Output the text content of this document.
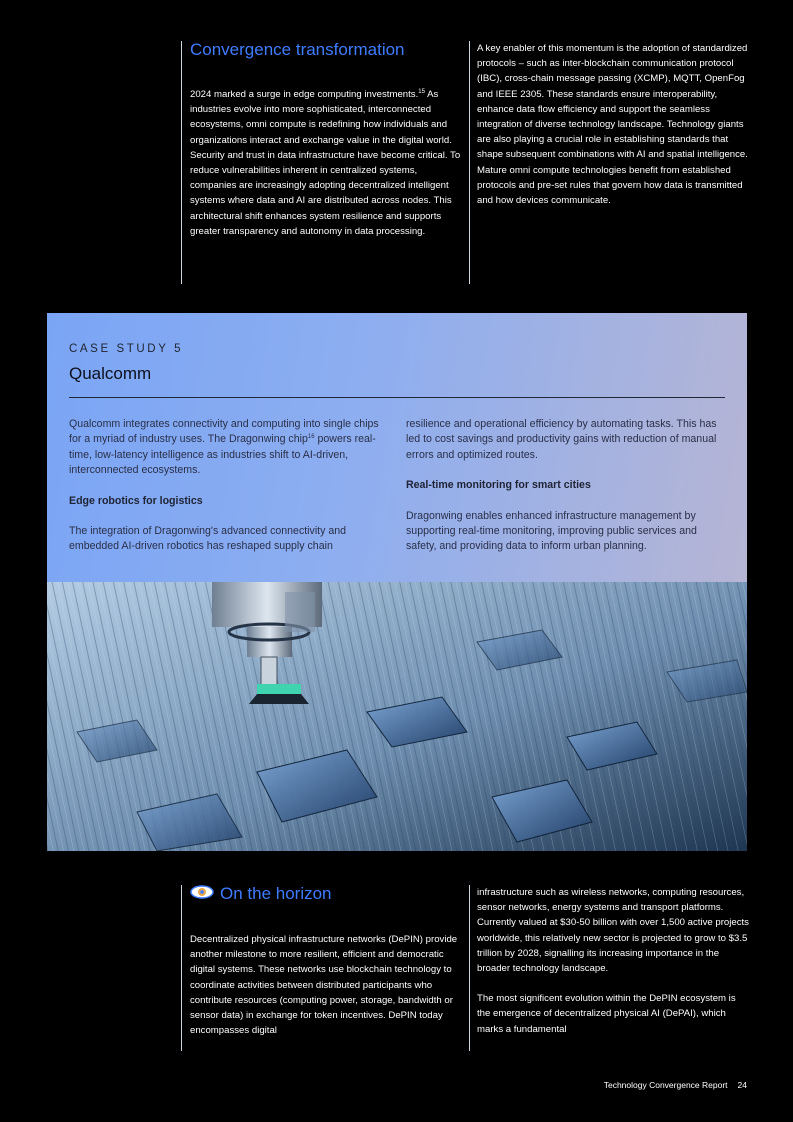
Convergence transformation

2024 marked a surge in edge computing investments.$^{15}$ As industries evolve into more sophisticated, interconnected ecosystems, omni compute is redefining how individuals and organizations interact and exchange value in the digital world. Security and trust in data infrastructure have become critical. To reduce vulnerabilities inherent in centralized systems, companies are increasingly adopting decentralized intelligent systems where data and AI are distributed across nodes. This architectural shift enhances system resilience and supports greater transparency and autonomy in data processing.

A key enabler of this momentum is the adoption of standardized protocols – such as inter-blockchain communication protocol (IBC), cross-chain message passing (XCMP), MQTT, OpenFog and IEEE 2305. These standards ensure interoperability, enhance data flow efficiency and support the seamless integration of diverse technology landscape. Technology giants are also playing a crucial role in establishing standards that shape subsequent combinations with AI and spatial intelligence. Mature omni compute technologies benefit from established protocols and pre-set rules that govern how data is transmitted and how devices communicate.

CASE STUDY 5
Qualcomm

Qualcomm integrates connectivity and computing into single chips for a myriad of industry uses. The Dragonwing chip$^{16}$ powers real-time, low-latency intelligence as industries shift to AI-driven, interconnected ecosystems.

Edge robotics for logistics

The integration of Dragonwing's advanced connectivity and embedded AI-driven robotics has reshaped supply chain

resilience and operational efficiency by automating tasks. This has led to cost savings and productivity gains with reduction of manual errors and optimized routes.

Real-time monitoring for smart cities

Dragonwing enables enhanced infrastructure management by supporting real-time monitoring, improving public services and safety, and providing data to inform urban planning.

On the horizon

Decentralized physical infrastructure networks (DePIN) provide another milestone to more resilient, efficient and democratic digital systems. These networks use blockchain technology to coordinate activities between distributed participants who contribute resources (computing power, storage, bandwidth or sensor data) in exchange for token incentives. DePIN today encompasses digital

infrastructure such as wireless networks, computing resources, sensor networks, energy systems and transport platforms. Currently valued at $30-50 billion with over 1,500 active projects worldwide, this relatively new sector is projected to grow to $3.5 trillion by 2028, signalling its increasing importance in the broader technology landscape.

The most significent evolution within the DePIN ecosystem is the emergence of decentralized physical AI (DePAI), which marks a fundamental

Technology Convergence Report 24
